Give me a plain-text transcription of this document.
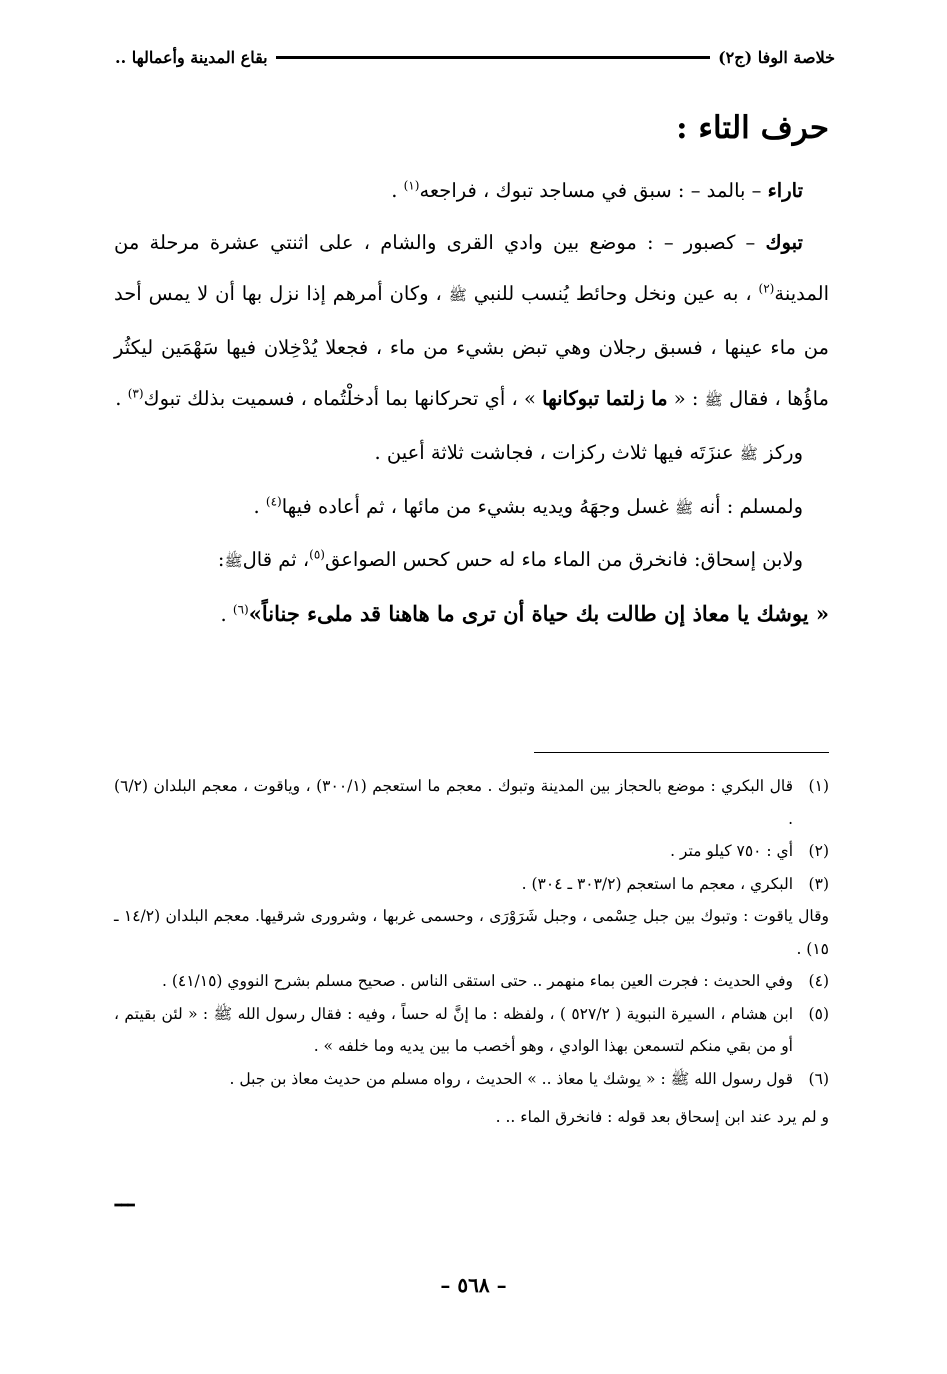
خلاصة الوفا (ج٢)
بقاع المدينة وأعمالها ..
حرف التاء :

تاراء – بالمد – : سبق في مساجد تبوك ، فراجعه$^{(١)}$ .

تبوك – كصبور – : موضع بين وادي القرى والشام ، على اثنتي عشرة مرحلة من المدينة$^{(٢)}$ ، به عين ونخل وحائط يُنسب للنبي ﷺ ، وكان أمرهم إذا نزل بها أن لا يمس أحد من ماء عينها ، فسبق رجلان وهي تبض بشيء من ماء ، فجعلا يُدْخِلان فيها سَهْمَين ليكثُر ماؤُها ، فقال ﷺ : « ما زلتما تبوكانها » ، أي تحركانها بما أدخلْتُماه ، فسميت بذلك تبوك$^{(٣)}$ .

وركز ﷺ عنزَتَه فيها ثلاث ركزات ، فجاشت ثلاثة أعين .

ولمسلم : أنه ﷺ غسل وجهَهُ ويديه بشيء من مائها ، ثم أعاده فيها$^{(٤)}$ .

ولابن إسحاق: فانخرق من الماء ماء له حس كحس الصواعق$^{(٥)}$، ثم قالﷺ:

« يوشك يا معاذ إن طالت بك حياة أن ترى ما هاهنا قد ملىء جناناً»$^{(٦)}$ .

(١)
قال البكري : موضع بالحجاز بين المدينة وتبوك . معجم ما استعجم (٣٠٠/١) ، وياقوت ، معجم البلدان (٦/٢) .
(٢)
أي : ٧٥٠ كيلو متر .
(٣)
البكري ، معجم ما استعجم (٣٠٣/٢ ـ ٣٠٤) .
وقال ياقوت : وتبوك بين جبل حِسْمى ، وجبل شَرَوْرَى ، وحسمى غربها ، وشرورى شرقيها. معجم البلدان (١٤/٢ ـ ١٥) .
(٤)
وفي الحديث : فجرت العين بماء منهمر .. حتى استقى الناس . صحيح مسلم بشرح النووي (٤١/١٥) .
(٥)
ابن هشام ، السيرة النبوية ( ٥٢٧/٢ ) ، ولفظه : ما إنَّ له حساً ، وفيه : فقال رسول الله ﷺ : « لئن بقيتم ، أو من بقي منكم لتسمعن بهذا الوادي ، وهو أخصب ما بين يديه وما خلفه » .
(٦)
قول رسول الله ﷺ : « يوشك يا معاذ .. » الحديث ، رواه مسلم من حديث معاذ بن جبل .
و لم يرد عند ابن إسحاق بعد قوله : فانخرق الماء .. .
ـــ
– ٥٦٨ –
